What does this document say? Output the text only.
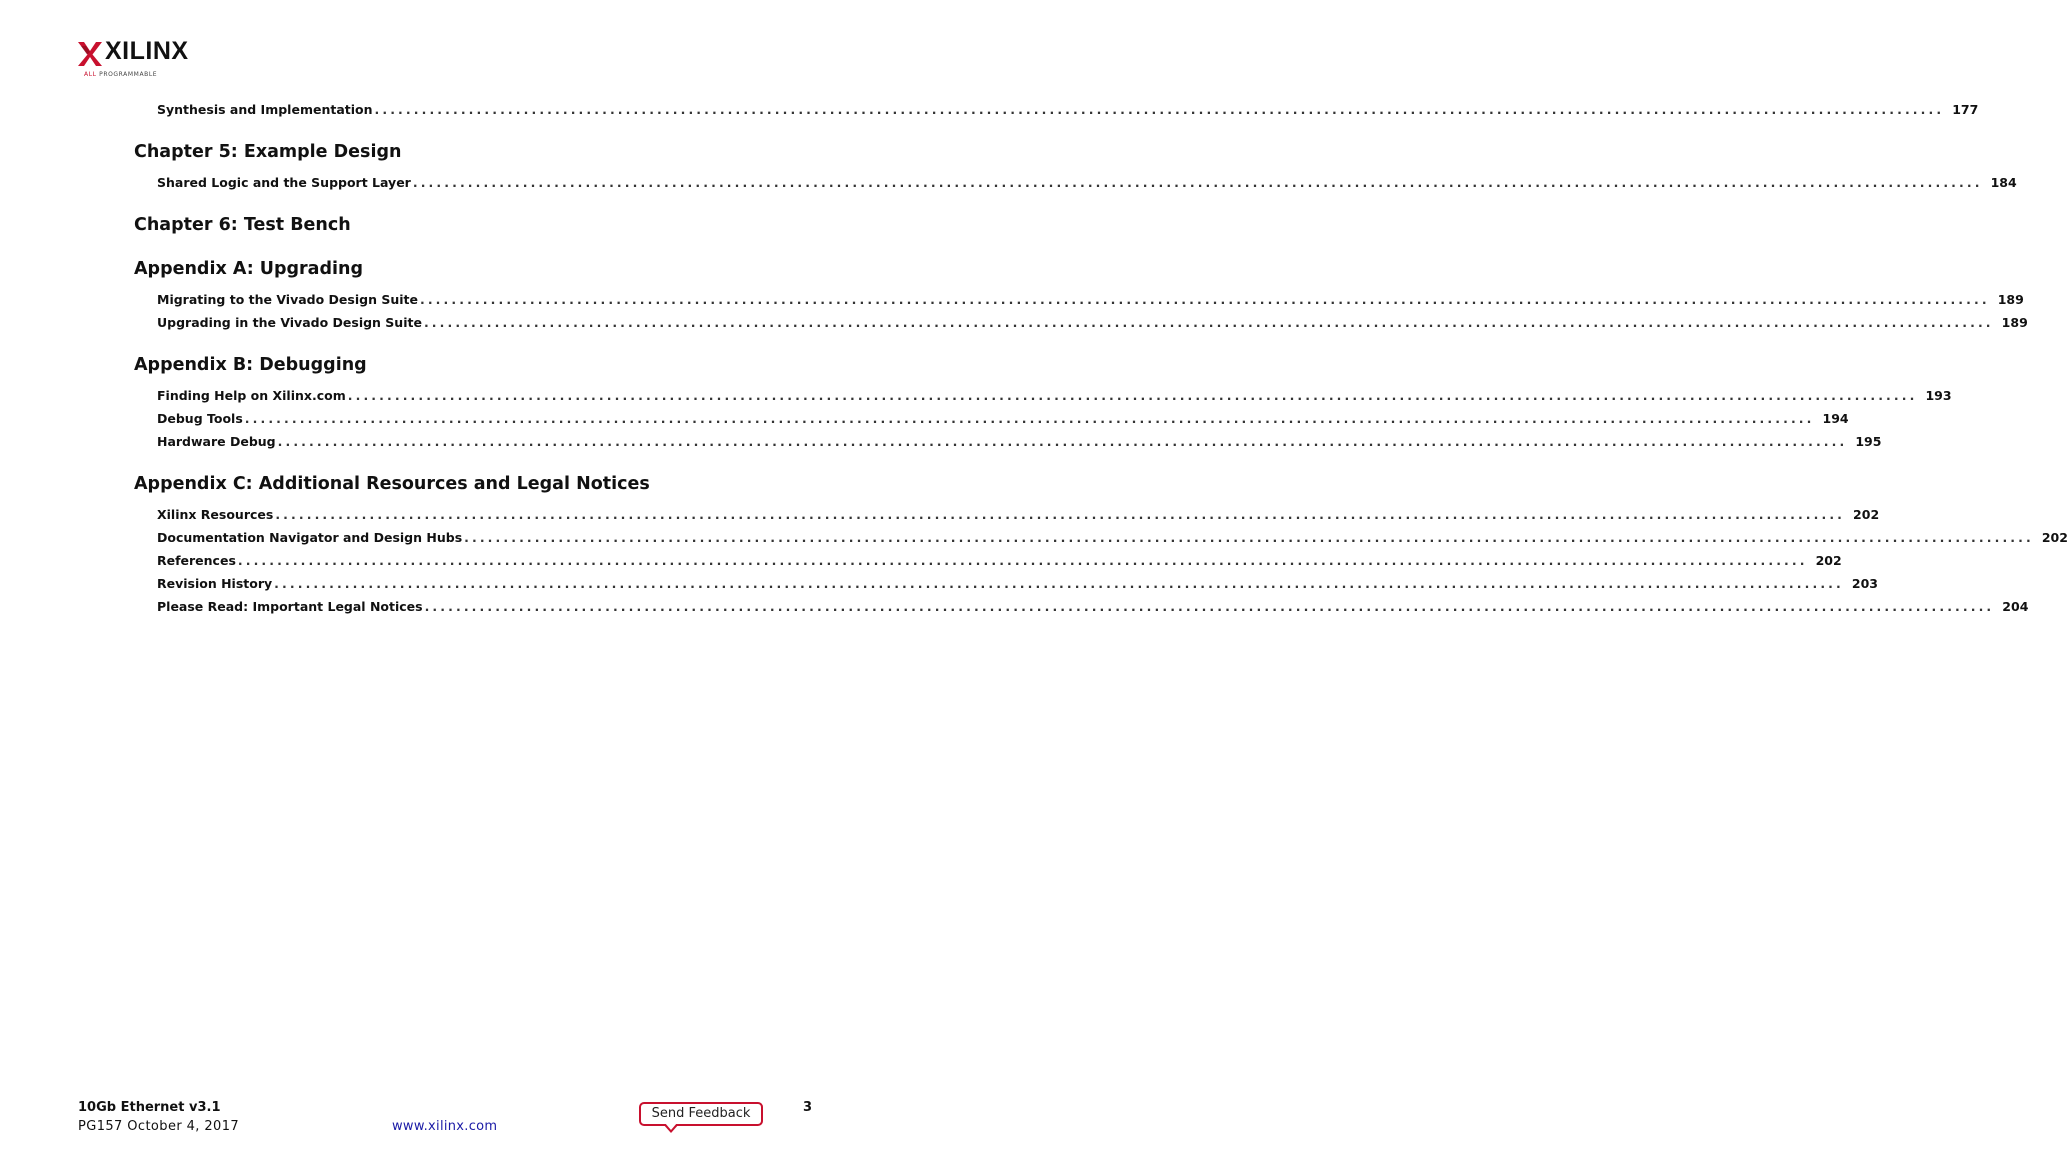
XILINX
ALL PROGRAMMABLE
Synthesis and Implementation ........................................................................................................................................................................................................ 177
Chapter 5: Example Design
Shared Logic and the Support Layer ........................................................................................................................................................................................................ 184
Chapter 6: Test Bench
Appendix A: Upgrading
Migrating to the Vivado Design Suite ........................................................................................................................................................................................................ 189
Upgrading in the Vivado Design Suite ........................................................................................................................................................................................................ 189
Appendix B: Debugging
Finding Help on Xilinx.com ........................................................................................................................................................................................................ 193
Debug Tools ........................................................................................................................................................................................................ 194
Hardware Debug ........................................................................................................................................................................................................ 195
Appendix C: Additional Resources and Legal Notices
Xilinx Resources ........................................................................................................................................................................................................ 202
Documentation Navigator and Design Hubs ........................................................................................................................................................................................................ 202
References ........................................................................................................................................................................................................ 202
Revision History ........................................................................................................................................................................................................ 203
Please Read: Important Legal Notices ........................................................................................................................................................................................................ 204
10Gb Ethernet v3.1
PG157 October 4, 2017	www.xilinx.com
Send Feedback	3
